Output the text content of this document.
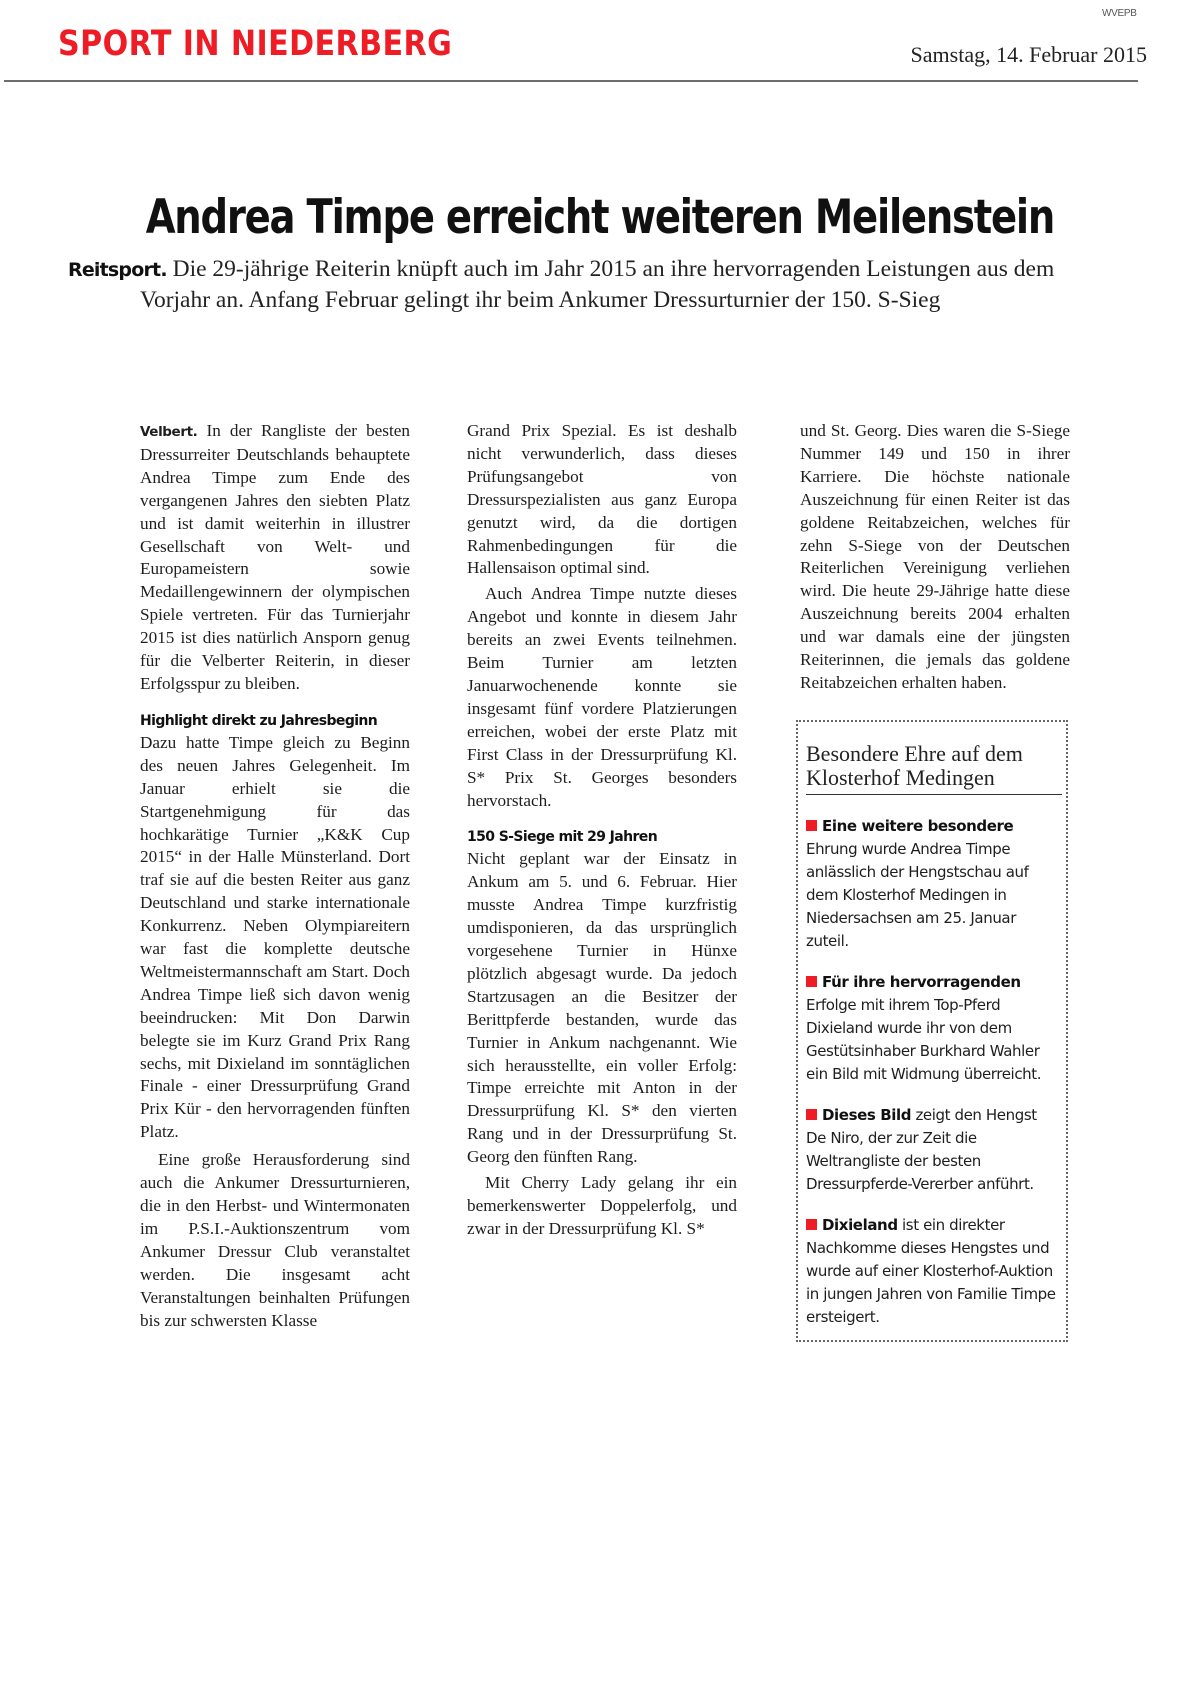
WVEPB
SPORT IN NIEDERBERG	Samstag, 14. Februar 2015
Andrea Timpe erreicht weiteren Meilenstein
Reitsport. Die 29-jährige Reiterin knüpft auch im Jahr 2015 an ihre hervorragenden Leistungen aus dem
Vorjahr an. Anfang Februar gelingt ihr beim Ankumer Dressurturnier der 150. S-Sieg

Velbert. In der Rangliste der besten Dressurreiter Deutschlands behauptete Andrea Timpe zum Ende des vergangenen Jahres den siebten Platz und ist damit weiterhin in illustrer Gesellschaft von Welt- und Europameistern sowie Medaillengewinnern der olympischen Spiele vertreten. Für das Turnierjahr 2015 ist dies natürlich Ansporn genug für die Velberter Reiterin, in dieser Erfolgsspur zu bleiben.

Highlight direkt zu Jahresbeginn

Dazu hatte Timpe gleich zu Beginn des neuen Jahres Gelegenheit. Im Januar erhielt sie die Startgenehmigung für das hochkarätige Turnier „K&K Cup 2015“ in der Halle Münsterland. Dort traf sie auf die besten Reiter aus ganz Deutschland und starke internationale Konkurrenz. Neben Olympiareitern war fast die komplette deutsche Weltmeistermannschaft am Start. Doch Andrea Timpe ließ sich davon wenig beeindrucken: Mit Don Darwin belegte sie im Kurz Grand Prix Rang sechs, mit Dixieland im sonntäglichen Finale - einer Dressurprüfung Grand Prix Kür - den hervorragenden fünften Platz.

Eine große Herausforderung sind auch die Ankumer Dressurturnieren, die in den Herbst- und Wintermonaten im P.S.I.-Auktionszentrum vom Ankumer Dressur Club veranstaltet werden. Die insgesamt acht Veranstaltungen beinhalten Prüfungen bis zur schwersten Klasse

Grand Prix Spezial. Es ist deshalb nicht verwunderlich, dass dieses Prüfungsangebot von Dressurspezialisten aus ganz Europa genutzt wird, da die dortigen Rahmenbedingungen für die Hallensaison optimal sind.

Auch Andrea Timpe nutzte dieses Angebot und konnte in diesem Jahr bereits an zwei Events teilnehmen. Beim Turnier am letzten Januarwochenende konnte sie insgesamt fünf vordere Platzierungen erreichen, wobei der erste Platz mit First Class in der Dressurprüfung Kl. S* Prix St. Georges besonders hervorstach.

150 S-Siege mit 29 Jahren

Nicht geplant war der Einsatz in Ankum am 5. und 6. Februar. Hier musste Andrea Timpe kurzfristig umdisponieren, da das ursprünglich vorgesehene Turnier in Hünxe plötzlich abgesagt wurde. Da jedoch Startzusagen an die Besitzer der Berittpferde bestanden, wurde das Turnier in Ankum nachgenannt. Wie sich herausstellte, ein voller Erfolg: Timpe erreichte mit Anton in der Dressurprüfung Kl. S* den vierten Rang und in der Dressurprüfung St. Georg den fünften Rang.

Mit Cherry Lady gelang ihr ein bemerkenswerter Doppelerfolg, und zwar in der Dressurprüfung Kl. S*

und St. Georg. Dies waren die S-Siege Nummer 149 und 150 in ihrer Karriere. Die höchste nationale Auszeichnung für einen Reiter ist das goldene Reitabzeichen, welches für zehn S-Siege von der Deutschen Reiterlichen Vereinigung verliehen wird. Die heute 29-Jährige hatte diese Auszeichnung bereits 2004 erhalten und war damals eine der jüngsten Reiterinnen, die jemals das goldene Reitabzeichen erhalten haben.

Besondere Ehre auf dem Klosterhof Medingen
Eine weitere besondere Ehrung wurde Andrea Timpe anlässlich der Hengstschau auf dem Klosterhof Medingen in Niedersachsen am 25. Januar zuteil.
Für ihre hervorragenden Erfolge mit ihrem Top-Pferd Dixieland wurde ihr von dem Gestütsinhaber Burkhard Wahler ein Bild mit Widmung überreicht.
Dieses Bild zeigt den Hengst De Niro, der zur Zeit die Weltrangliste der besten Dressurpferde-Vererber anführt.
Dixieland ist ein direkter Nachkomme dieses Hengstes und wurde auf einer Klosterhof-Auktion in jungen Jahren von Familie Timpe ersteigert.
